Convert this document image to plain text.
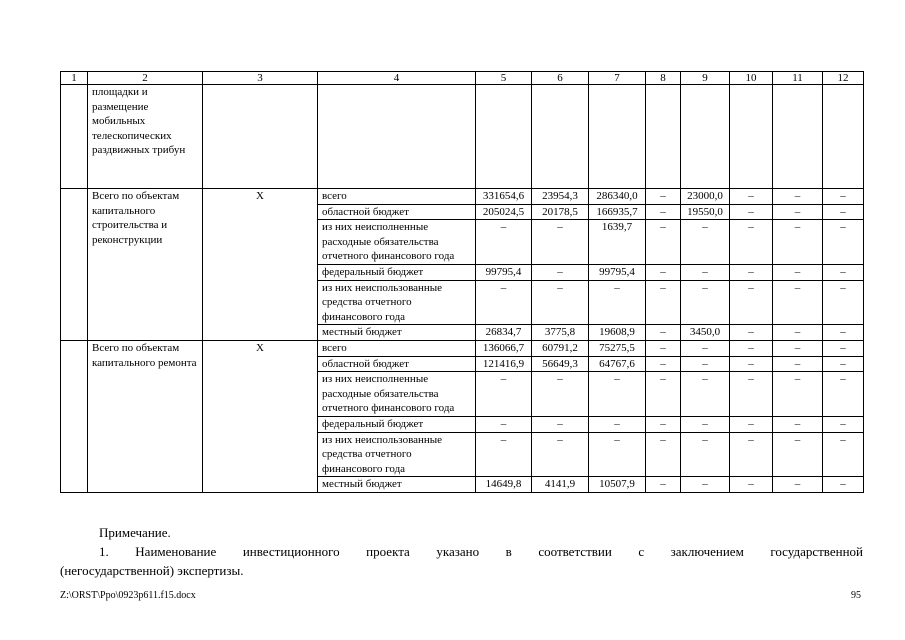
1	2	3	4	5	6	7	8	9	10	11	12
	площадки и размещение мобильных телескопических раздвижных трибун										
	Всего по объектам капитального строительства и реконструкции	Х	всего	331654,6	23954,3	286340,0	–	23000,0	–	–	–
			областной бюджет	205024,5	20178,5	166935,7	–	19550,0	–	–	–
			из них неисполненные расходные обязательства отчетного финансового года	–	–	1639,7	–	–	–	–	–
			федеральный бюджет	99795,4	–	99795,4	–	–	–	–	–
			из них неиспользованные средства отчетного финансового года	–	–	–	–	–	–	–	–
			местный бюджет	26834,7	3775,8	19608,9	–	3450,0	–	–	–
	Всего по объектам капитального ремонта	Х	всего	136066,7	60791,2	75275,5	–	–	–	–	–
			областной бюджет	121416,9	56649,3	64767,6	–	–	–	–	–
			из них неисполненные расходные обязательства отчетного финансового года	–	–	–	–	–	–	–	–
			федеральный бюджет	–	–	–	–	–	–	–	–
			из них неиспользованные средства отчетного финансового года	–	–	–	–	–	–	–	–
			местный бюджет	14649,8	4141,9	10507,9	–	–	–	–	–
Примечание.
1. Наименование инвестиционного проекта указано в соответствии с заключением государственной
(негосударственной) экспертизы.
Z:\ORST\Ppo\0923p611.f15.docx	95
